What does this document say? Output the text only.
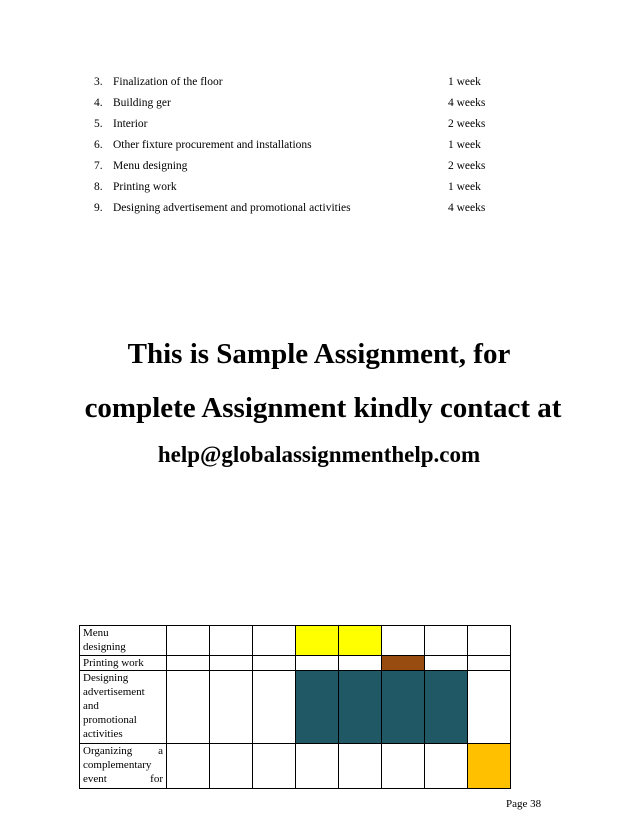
3. Finalization of the floor	1 week
4. Building ger	4 weeks
5. Interior	2 weeks
6. Other fixture procurement and installations	1 week
7. Menu designing	2 weeks
8. Printing work	1 week
9. Designing advertisement and promotional activities	4 weeks
This is Sample Assignment, for
complete Assignment kindly contact at
help@globalassignmenthelp.com
Menu
designing								

Printing work								

Designing
advertisement
and
promotional
activities								

Organizing a
complementary
event for								

Page 38
